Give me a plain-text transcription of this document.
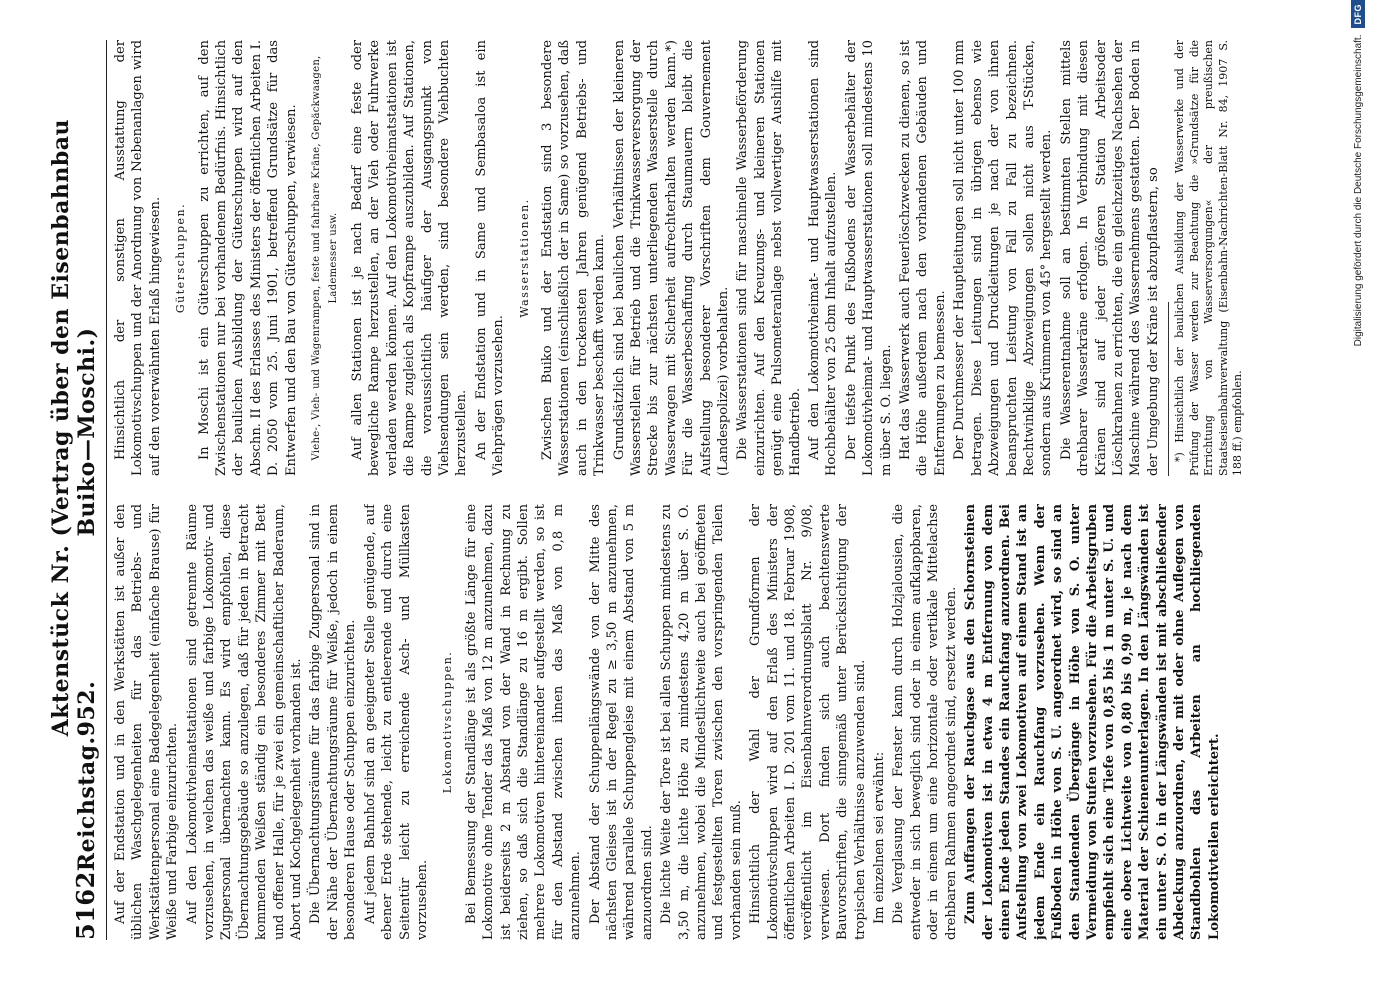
5162
Reichstag.
Aktenstück Nr. 952.
(Vertrag über den Eisenbahnbau Buiko—Moschi.)

Auf der Endstation und in den Werkstätten ist außer den üblichen Waschgelegenheiten für das Betriebs- und Werkstättenpersonal eine Badegelegenheit (einfache Brause) für Weiße und Farbige einzurichten. Auf den Lokomotivheimatstationen sind getrennte Räume vorzusehen, in welchen das weiße und farbige Lokomotiv- und Zugpersonal übernachten kann. Es wird empfohlen, diese Übernachtungsgebäude so anzulegen, daß für jeden in Betracht kommenden Weißen ständig ein besonderes Zimmer mit Bett und offener Halle, für je zwei ein gemeinschaftlicher Baderaum, Abort und Kochgelegenheit vorhanden ist. Die Übernachtungsräume für das farbige Zugpersonal sind in der Nähe der Übernachtungsräume für Weiße, jedoch in einem besonderen Hause oder Schuppen einzurichten. Auf jedem Bahnhof sind an geeigneter Stelle genügende, auf ebener Erde stehende, leicht zu entleerende und durch eine Seitentür leicht zu erreichende Asch- und Müllkasten vorzusehen.

Lokomotivschuppen. Bei Bemessung der Standlänge ist als größte Länge für eine Lokomotive ohne Tender das Maß von 12 m anzunehmen, dazu ist beiderseits 2 m Abstand von der Wand in Rechnung zu ziehen, so daß sich die Standlänge zu 16 m ergibt. Sollen mehrere Lokomotiven hintereinander aufgestellt werden, so ist für den Abstand zwischen ihnen das Maß von 0,8 m anzunehmen. Der Abstand der Schuppenlängswände von der Mitte des nächsten Gleises ist in der Regel zu ≥ 3,50 m anzunehmen, während parallele Schuppengleise mit einem Abstand von 5 m anzuordnen sind. Die lichte Weite der Tore ist bei allen Schuppen mindestens zu 3,50 m, die lichte Höhe zu mindestens 4,20 m über S. O. anzunehmen, wobei die Mindestlichtweite auch bei geöffneten und festgestellten Toren zwischen den vorspringenden Teilen vorhanden sein muß. Hinsichtlich der Wahl der Grundformen der Lokomotivschuppen wird auf den Erlaß des Ministers der öffentlichen Arbeiten I. D. 201 vom 11. und 18. Februar 1908, veröffentlicht im Eisenbahnverordnungsblatt Nr. 9/08, verwiesen. Dort finden sich auch beachtenswerte Bauvorschriften, die sinngemäß unter Berücksichtigung der tropischen Verhältnisse anzuwenden sind. Im einzelnen sei erwähnt: Die Verglasung der Fenster kann durch Holzjalousien, die entweder in sich beweglich sind oder in einem aufklappbaren, oder in einem um eine horizontale oder vertikale Mittelachse drehbaren Rahmen angeordnet sind, ersetzt werden. Zum Auffangen der Rauchgase aus den Schornsteinen der Lokomotiven ist in etwa 4 m Entfernung von dem einen Ende jeden Standes ein Rauchfang anzuordnen. Bei Aufstellung von zwei Lokomotiven auf einem Stand ist an jedem Ende ein Rauchfang vorzusehen. Wenn der Fußboden in Höhe von S. U. angeordnet wird, so sind an den Standenden Übergänge in Höhe von S. O. unter Vermeidung von Stufen vorzusehen. Für die Arbeitsgruben empfiehlt sich eine Tiefe von 0,85 bis 1 m unter S. U. und eine obere Lichtweite von 0,80 bis 0,90 m, je nach dem Material der Schienenunterlagen. In den Längswänden ist ein unter S. O. in der Längswänden ist mit abschließender Abdeckung anzuordnen, der mit oder ohne Auflegen von Standbohlen das Arbeiten an hochliegenden Lokomotivteilen erleichtert.

Hinsichtlich der sonstigen Ausstattung der Lokomotivschuppen und der Anordnung von Nebenanlagen wird auf den vorerwähnten Erlaß hingewiesen. Güterschuppen. In Moschi ist ein Güterschuppen zu errichten, auf den Zwischenstationen nur bei vorhandenem Bedürfnis. Hinsichtlich der baulichen Ausbildung der Güterschuppen wird auf den Abschn. II des Erlasses des Ministers der öffentlichen Arbeiten I. D. 2050 vom 25. Juni 1901, betreffend Grundsätze für das Entwerfen und den Bau von Güterschuppen, verwiesen.	Viehe-, Vieh- und Wagenrampen, feste und fahrbare Kräne, Gepäckwaagen, Lademesser usw. Auf allen Stationen ist je nach Bedarf eine feste oder bewegliche Rampe herzustellen, an der Vieh oder Fuhrwerke verladen werden können. Auf den Lokomotivheimatstationen ist die Rampe zugleich als Kopframpe auszubilden. Auf Stationen, die voraussichtlich häufiger der Ausgangspunkt von Viehsendungen sein werden, sind besondere Viehbuchten herzustellen. An der Endstation und in Same und Sembasaloa ist ein Viehprägen vorzusehen.

Wasserstationen. Zwischen Buiko und der Endstation sind 3 besondere Wasserstationen (einschließlich der in Same) so vorzusehen, daß auch in den trockensten Jahren genügend Betriebs- und Trinkwasser beschafft werden kann. Grundsätzlich sind bei baulichen Verhältnissen der kleineren Wasserstellen für Betrieb und die Trinkwasserversorgung der Strecke bis zur nächsten unterliegenden Wasserstelle durch Wasserwagen mit Sicherheit aufrechterhalten werden kann.*) Für die Wasserbeschaffung durch Staumauern bleibt die Aufstellung besonderer Vorschriften dem Gouvernement (Landespolizei) vorbehalten. Die Wasserstationen sind für maschinelle Wasserbeförderung einzurichten. Auf den Kreuzungs- und kleineren Stationen genügt eine Pulsometeranlage nebst vollwertiger Aushilfe mit Handbetrieb. Auf den Lokomotivheimat- und Hauptwasserstationen sind Hochbehälter von 25 cbm Inhalt aufzustellen. Der tiefste Punkt des Fußbodens der Wasserbehälter der Lokomotivheimat- und Hauptwasserstationen soll mindestens 10 m über S. O. liegen. Hat das Wasserwerk auch Feuerlöschzwecken zu dienen, so ist die Höhe außerdem nach den vorhandenen Gebäuden und Entfernungen zu bemessen. Der Durchmesser der Hauptleitungen soll nicht unter 100 mm betragen. Diese Leitungen sind in übrigen ebenso wie Abzweigungen und Druckleitungen je nach der von ihnen beanspruchten Leistung von Fall zu Fall zu bezeichnen. Rechtwinklige Abzweigungen sollen nicht aus T-Stücken, sondern aus Krümmern von 45° hergestellt werden. Die Wasserentnahme soll an bestimmten Stellen mittels drehbarer Wasserkräne erfolgen. In Verbindung mit diesen Kränen sind auf jeder größeren Station Arbeitsoder Löschkrahnen zu errichten, die ein gleichzeitiges Nachsehen der Maschine während des Wassernehmens gestatten. Der Boden in der Umgebung der Kräne ist abzupflastern, so *) Hinsichtlich der baulichen Ausbildung der Wasserwerke und der Prüfung der Wasser werden zur Beachtung die »Grundsätze für die Errichtung von Wasserversorgungen« der preußischen Staatseisenbahnverwaltung (Eisenbahn-Nachrichten-Blatt Nr. 84, 1907 S. 188 ff.) empfohlen.

Digitalisierung gefördert durch die Deutsche Forschungsgemeinschaft.
DFG
